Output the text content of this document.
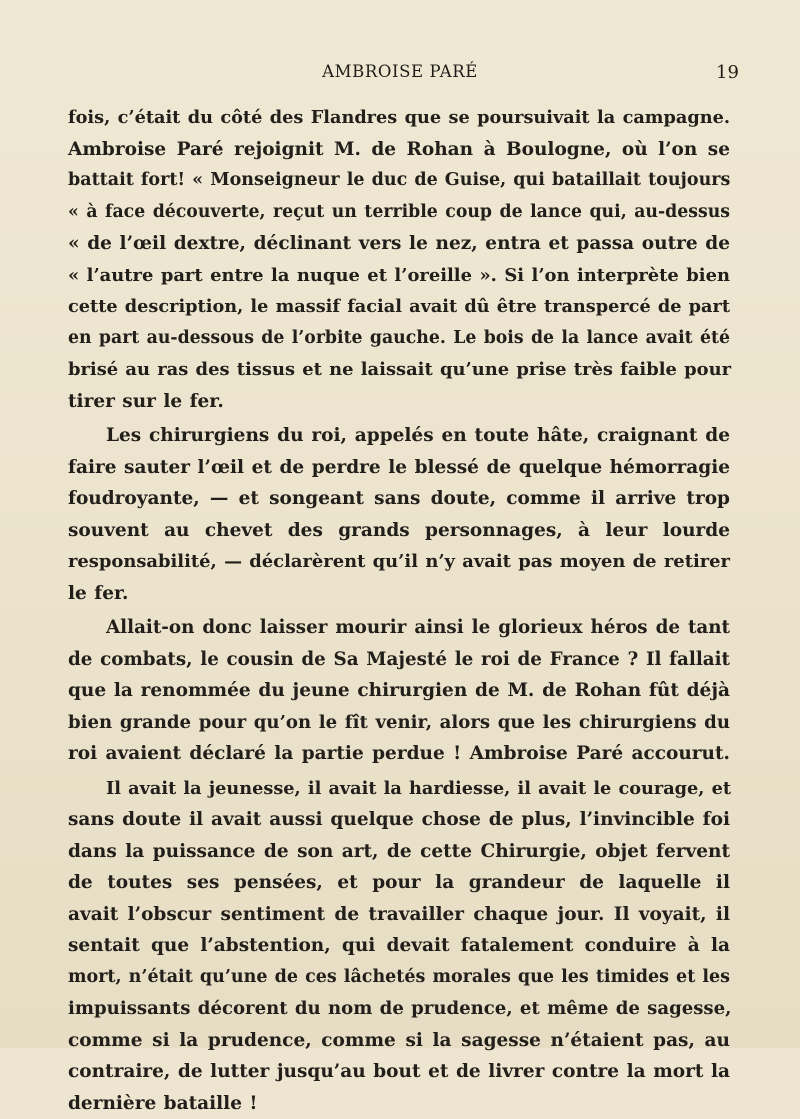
AMBROISE PARÉ	19
fois, c’était du côté des Flandres que se poursuivait la campagne.
Ambroise Paré rejoignit M. de Rohan à Boulogne, où l’on se
battait fort! « Monseigneur le duc de Guise, qui bataillait toujours
« à face découverte, reçut un terrible coup de lance qui, au-dessus
« de l’œil dextre, déclinant vers le nez, entra et passa outre de
« l’autre part entre la nuque et l’oreille ». Si l’on interprète bien
cette description, le massif facial avait dû être transpercé de part
en part au-dessous de l’orbite gauche. Le bois de la lance avait été
brisé au ras des tissus et ne laissait qu’une prise très faible pour
tirer sur le fer.
Les chirurgiens du roi, appelés en toute hâte, craignant de
faire sauter l’œil et de perdre le blessé de quelque hémorragie
foudroyante, — et songeant sans doute, comme il arrive trop
souvent au chevet des grands personnages, à leur lourde
responsabilité, — déclarèrent qu’il n’y avait pas moyen de retirer
le fer.
Allait-on donc laisser mourir ainsi le glorieux héros de tant
de combats, le cousin de Sa Majesté le roi de France ? Il fallait
que la renommée du jeune chirurgien de M. de Rohan fût déjà
bien grande pour qu’on le fît venir, alors que les chirurgiens du
roi avaient déclaré la partie perdue ! Ambroise Paré accourut.
Il avait la jeunesse, il avait la hardiesse, il avait le courage, et
sans doute il avait aussi quelque chose de plus, l’invincible foi
dans la puissance de son art, de cette Chirurgie, objet fervent
de toutes ses pensées, et pour la grandeur de laquelle il
avait l’obscur sentiment de travailler chaque jour. Il voyait, il
sentait que l’abstention, qui devait fatalement conduire à la
mort, n’était qu’une de ces lâchetés morales que les timides et les
impuissants décorent du nom de prudence, et même de sagesse,
comme si la prudence, comme si la sagesse n’étaient pas, au
contraire, de lutter jusqu’au bout et de livrer contre la mort la
dernière bataille !
